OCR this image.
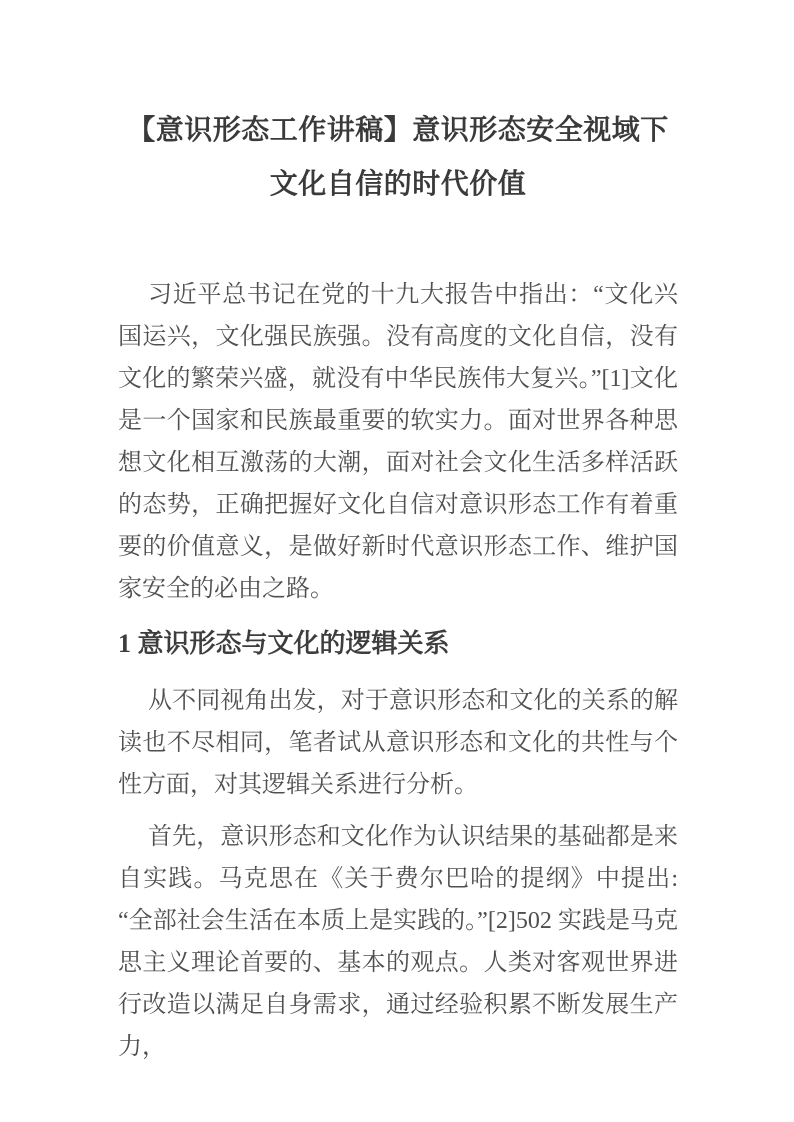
【意识形态工作讲稿】意识形态安全视域下文化自信的时代价值

习近平总书记在党的十九大报告中指出：“文化兴国运兴，文化强民族强。没有高度的文化自信，没有文化的繁荣兴盛，就没有中华民族伟大复兴。”[1]文化是一个国家和民族最重要的软实力。面对世界各种思想文化相互激荡的大潮，面对社会文化生活多样活跃的态势，正确把握好文化自信对意识形态工作有着重要的价值意义，是做好新时代意识形态工作、维护国家安全的必由之路。

1 意识形态与文化的逻辑关系

从不同视角出发，对于意识形态和文化的关系的解读也不尽相同，笔者试从意识形态和文化的共性与个性方面，对其逻辑关系进行分析。

首先，意识形态和文化作为认识结果的基础都是来自实践。马克思在《关于费尔巴哈的提纲》中提出:“全部社会生活在本质上是实践的。”[2]502 实践是马克思主义理论首要的、基本的观点。人类对客观世界进行改造以满足自身需求，通过经验积累不断发展生产力，
